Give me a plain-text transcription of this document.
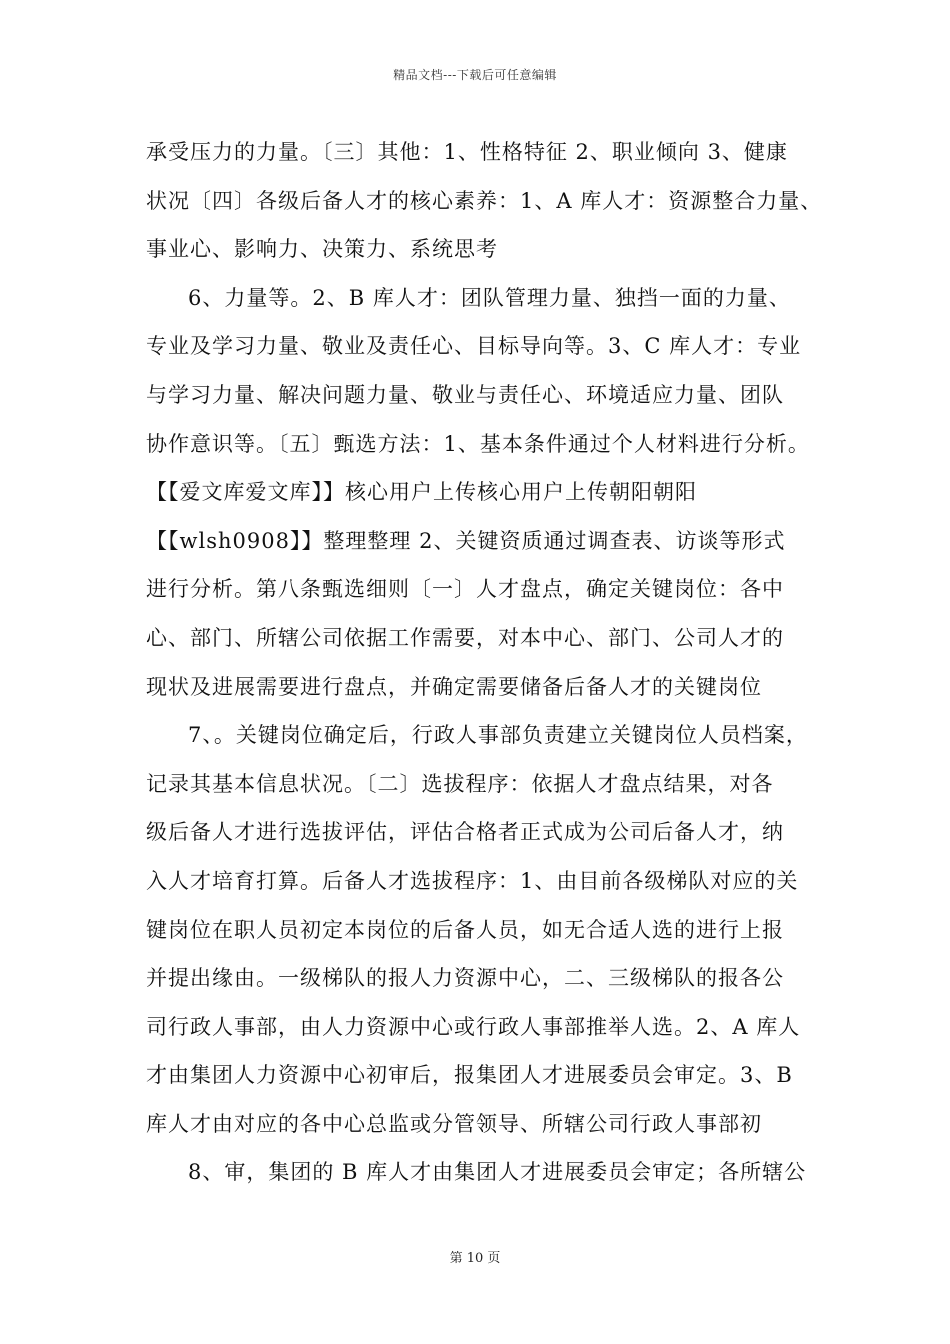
精品文档---下载后可任意编辑
承受压力的力量。〔三〕其他：1、性格特征 2、职业倾向 3、健康
状况〔四〕各级后备人才的核心素养：1、A 库人才：资源整合力量、
事业心、影响力、决策力、系统思考
6、力量等。2、B 库人才：团队管理力量、独挡一面的力量、
专业及学习力量、敬业及责任心、目标导向等。3、C 库人才：专业
与学习力量、解决问题力量、敬业与责任心、环境适应力量、团队
协作意识等。〔五〕甄选方法：1、基本条件通过个人材料进行分析。
【【爱文库爱文库】】核心用户上传核心用户上传朝阳朝阳
【【wlsh0908】】整理整理 2、关键资质通过调查表、访谈等形式
进行分析。第八条甄选细则〔一〕人才盘点，确定关键岗位：各中
心、部门、所辖公司依据工作需要，对本中心、部门、公司人才的
现状及进展需要进行盘点，并确定需要储备后备人才的关键岗位
7、。关键岗位确定后，行政人事部负责建立关键岗位人员档案，
记录其基本信息状况。〔二〕选拔程序：依据人才盘点结果，对各
级后备人才进行选拔评估，评估合格者正式成为公司后备人才，纳
入人才培育打算。后备人才选拔程序：1、由目前各级梯队对应的关
键岗位在职人员初定本岗位的后备人员，如无合适人选的进行上报
并提出缘由。一级梯队的报人力资源中心，二、三级梯队的报各公
司行政人事部，由人力资源中心或行政人事部推举人选。2、A 库人
才由集团人力资源中心初审后，报集团人才进展委员会审定。3、B
库人才由对应的各中心总监或分管领导、所辖公司行政人事部初
8、审，集团的 B 库人才由集团人才进展委员会审定；各所辖公
第 10 页
